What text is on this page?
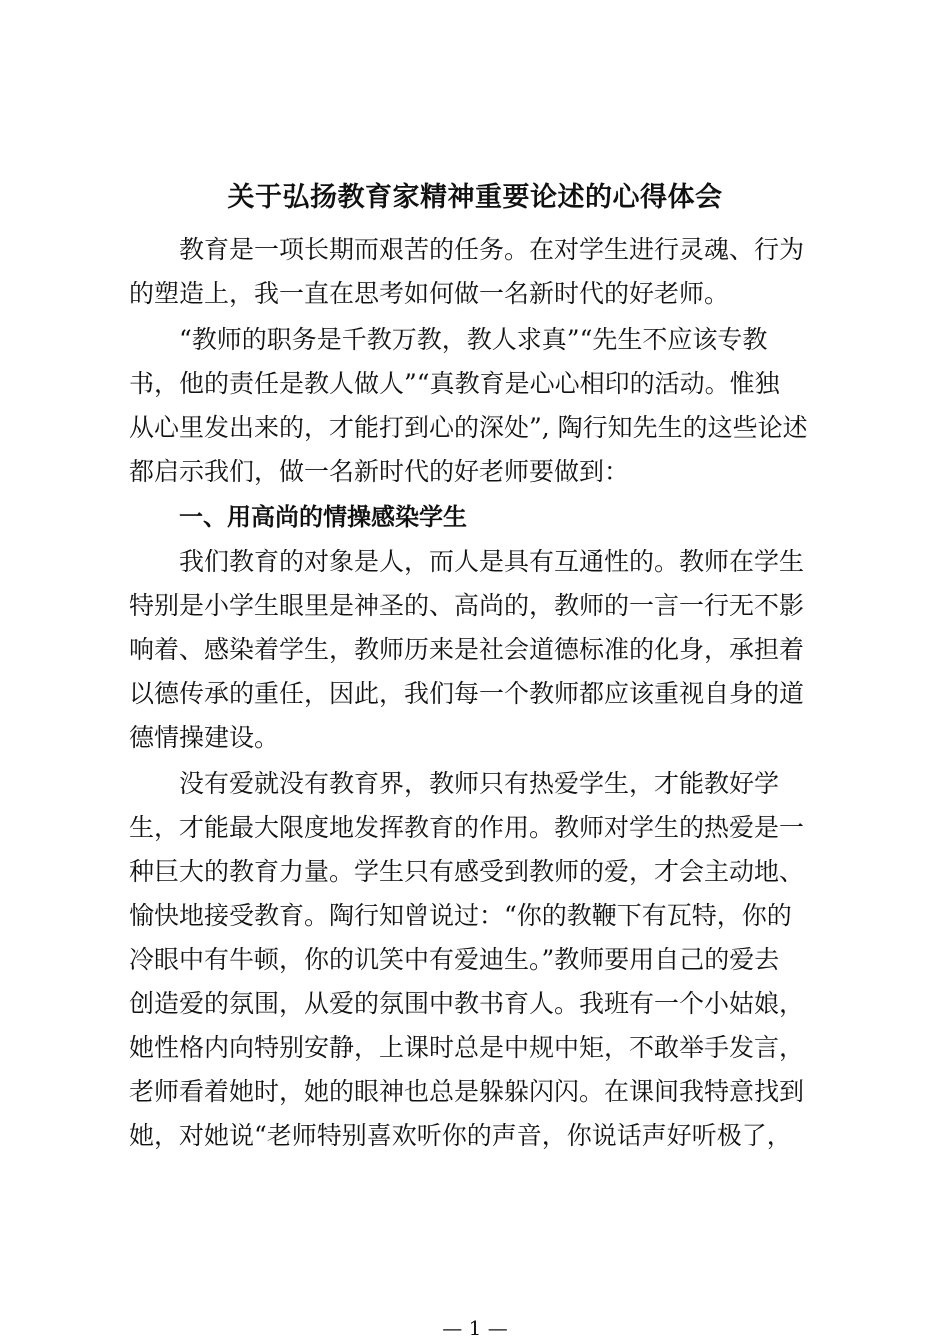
关于弘扬教育家精神重要论述的心得体会
教育是一项长期而艰苦的任务。在对学生进行灵魂、行为
的塑造上，我一直在思考如何做一名新时代的好老师。
“教师的职务是千教万教，教人求真”“先生不应该专教
书，他的责任是教人做人”“真教育是心心相印的活动。惟独
从心里发出来的，才能打到心的深处”, 陶行知先生的这些论述
都启示我们，做一名新时代的好老师要做到：
一、用高尚的情操感染学生
我们教育的对象是人，而人是具有互通性的。教师在学生
特别是小学生眼里是神圣的、高尚的，教师的一言一行无不影
响着、感染着学生，教师历来是社会道德标准的化身，承担着
以德传承的重任，因此，我们每一个教师都应该重视自身的道
德情操建设。
没有爱就没有教育界，教师只有热爱学生，才能教好学
生，才能最大限度地发挥教育的作用。教师对学生的热爱是一
种巨大的教育力量。学生只有感受到教师的爱，才会主动地、
愉快地接受教育。陶行知曾说过：“你的教鞭下有瓦特，你的
冷眼中有牛顿，你的讥笑中有爱迪生。”教师要用自己的爱去
创造爱的氛围，从爱的氛围中教书育人。我班有一个小姑娘，
她性格内向特别安静，上课时总是中规中矩，不敢举手发言，
老师看着她时，她的眼神也总是躲躲闪闪。在课间我特意找到
她，对她说“老师特别喜欢听你的声音，你说话声好听极了，
— 1 —
